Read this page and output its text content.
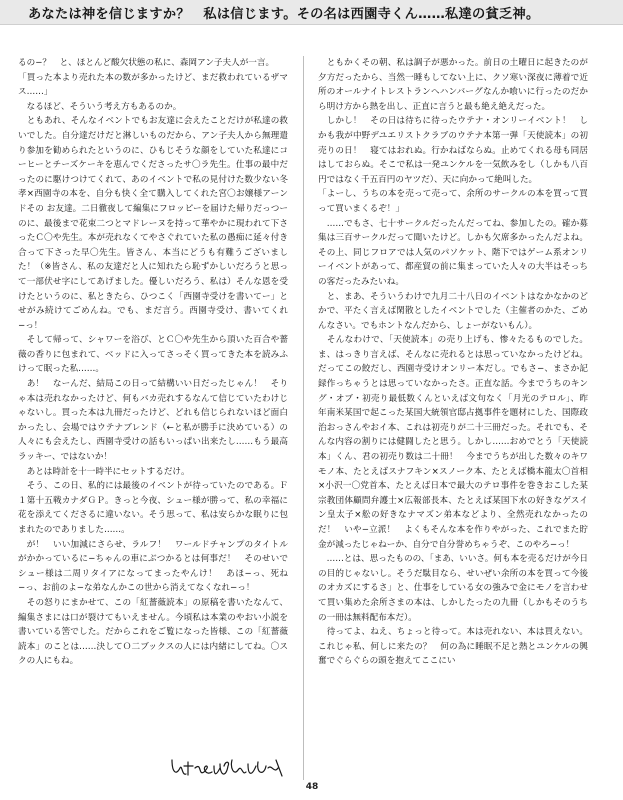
あなたは神を信じますか？　私は信じます。その名は西園寺くん……私達の貧乏神。

るの−？　と、ほとんど酸欠状態の私に、森岡アン子夫人が一言。

「買った本より売れた本の数が多かったけど、まだ救われているザマス……」

　なるほど、そういう考え方もあるのか。

　ともあれ、そんなイベントでもお友達に会えたことだけが私達の救いでした。自分達だけだと淋しいものだから、アン子夫人から無理遣り参加を勧められたというのに、ひもじそうな顔をしていた私達にコーヒーとチーズケーキを恵んでくださったサ〇ラ先生。仕事の最中だったのに駆けつけてくれて、あのイベントで私の見付けた数少ない冬孝×西園寺の本を、自分も快く全て購入してくれた宮〇お嬢様アーンドその お友達。二日徹夜して編集にフロッピーを届けた帰りだっつーのに、最後まで花束二つとマドレーヌを持って華やかに現われて下さったＣ〇や先生。本が売れなくてやさぐれていた私の愚痴に延々付き合って下さった早〇先生。皆さん、本当にどうも有難うございました！（※皆さん、私の友達だと人に知れたら恥ずかしいだろうと思って一部伏せ字にしてあげました。優しいだろう、私は）そんな恩を受けたというのに、私ときたら、ひつこく「西園寺受けを書いてー」とせがみ続けてごめんね。でも、まだ言う。西園寺受け、書いてくれ−っ！

　そして帰って、シャワーを浴び、とＣ〇や先生から頂いた百合や薔薇の香りに包まれて、ベッドに入ってさっそく買ってきた本を読みふけって眠った私……。

　あ！　なーんだ、結局この日って結構いい日だったじゃん！　そりゃ本は売れなかったけど、何もバカ売れするなんて信じていたわけじゃないし。買った本は九冊だったけど、どれも信じられないほど面白かったし、会場ではウテナブレンド（←と私が勝手に決めている）の人々にも会えたし、西園寺受けの話もいっぱい出来たし……もう最高ラッキー、ではないか！

　あとは時計を十一時半にセットするだけ。

　そう、この日、私的には最後のイベントが待っていたのである。Ｆ１第十五戦カナダＧＰ。きっと今夜、シュー様が勝って、私の幸福に花を添えてくださるに違いない。そう思って、私は安らかな眠りに包まれたのでありました……。

　が！　いい加減にさらせ、ラルフ！　ワールドチャンプのタイトルがかかっているに−ちゃんの車にぶつかるとは何事だ！　そのせいでシュー様は二周リタイアになってまったやんけ！　あほ−っ、死ね−っ、お前のよ−な弟なんかこの世から消えてなくなれ−っ！

　その怒りにまかせて、この「紅薔薇読本」の原稿を書いたなんて、編集さまには口が裂けてもいえません。今頃私は本業のやおい小説を書いている筈でした。だからこれをご覧になった皆様、この「紅薔薇読本」のことは……決してＯ二ブックスの人には内緒にしてね。〇スクの人にもね。

　ともかくその朝、私は調子が悪かった。前日の土曜日に起きたのが夕方だったから、当然一睡もしてない上に、クソ寒い深夜に薄着で近所のオールナイトレストランへハンバーグなんか喰いに行ったのだから明け方から熱を出し、正直に言うと最も絶え絶えだった。

　しかし！　その日は待ちに待ったウテナ・オンリーイベント！　しかも我が中野デユエリストクラブのウテナ本第一弾「天使読本」の初売りの日！　寝てはおれぬ。行かねばならぬ。止めてくれる母も同居はしておらぬ。そこで私は一発ユンケルを一気飲みをし（しかも八百円ではなく千五百円のヤツだ）、天に向かって絶叫した。

「よーし、うちの本を売って売って、余所のサークルの本を買って買って買いまくるぞ！」

　……でもさ、七十サークルだったんだってね、参加したの。確か募集は三百サークルだって聞いたけど。しかも欠席多かったんだよね。その上、同じフロアでは人気のパソケット、階下ではゲーム系オンリーイベントがあって、都産貿の前に集まっていた人々の大半はそっちの客だったみたいね。

　と、まあ、そういうわけで九月二十八日のイベントはなかなかのどかで、平たく言えば閑散としたイベントでした（主催者のかた、ごめんなさい。でもホントなんだから、しょーがないもん）。

　そんなわけで、「天使読本」の売り上げも、惨々たるものでした。ま、はっきり言えば、そんなに売れるとは思っていなかったけどね。だってこの餃だし、西園寺受けオンリー本だし。でもさ−、まさか記録作っちゃうとは思っていなかったさ。正直な話。今までうちのキング・オブ・初売り最低数くんといえば文句なく「月光のテロル」、昨年南米某国で起こった某国大統領官邸占拠事件を題材にした、国際政治おっさんやおイ本、これは初売りが二十三冊だった。それでも、そんな内容の割りには健闘したと思う。しかし……おめでとう「天使読本」くん、君の初売り数は二十冊！　今までうちが出した数々のキワモノ本、たとえばスナフキン×スノーク本、たとえば橋本龍太〇首相×小沢一〇党首本、たとえば日本で最大のテロ事件を巻きおこした某宗教団体顧問弁護士×広報部長本、たとえば某国下水の好きなゲスイン皇太子×舩の好きなナマズン弟本などより、全然売れなかったのだ！　いや−立派！　よくもそんな本を作りやがった、これでまた貯金が減ったじゃねーか、自分で自分誉めちゃうぞ、このやろ−っ！

　……とは、思ったものの、「まあ、いいさ。何も本を売るだけが今日の目的じゃないし。そうだ駄目なら、せいぜい余所の本を買って今後のオカズにするさ」と、仕事をしている女の強みで金にモノを言わせて買い集めた余所さまの本は、しかしたったの九冊（しかもそのうちの一冊は無料配布本だ）。

　待ってよ、ねえ、ちょっと待って。本は売れない、本は買えない。これじゃ私、何しに来たの？　何の為に睡眠不足と熱とユンケルの興奮でぐらぐらの頭を抱えてここにい

48
